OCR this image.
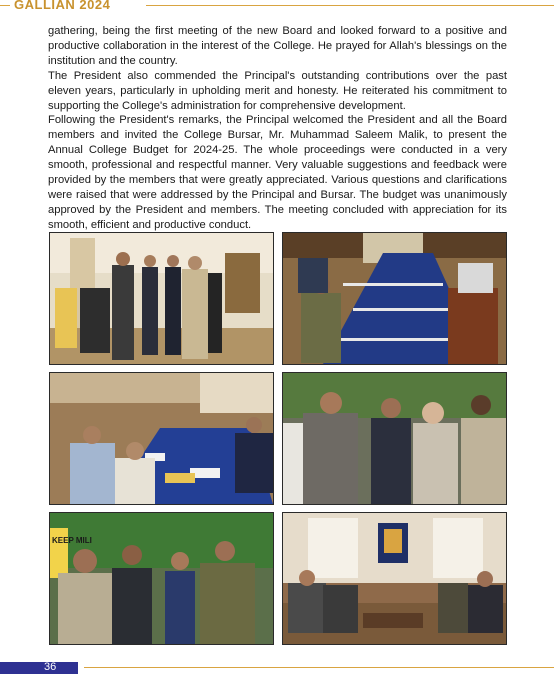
GALLIAN 2024

gathering, being the first meeting of the new Board and looked forward to a positive and productive collaboration in the interest of the College. He prayed for Allah's blessings on the institution and the country.

The President also commended the Principal's outstanding contributions over the past eleven years, particularly in upholding merit and honesty. He reiterated his commitment to supporting the College's administration for comprehensive development.

Following the President's remarks, the Principal welcomed the President and all the Board members and invited the College Bursar, Mr. Muhammad Saleem Malik, to present the Annual College Budget for 2024-25. The whole proceedings were conducted in a very smooth, professional and respectful manner. Very valuable suggestions and feedback were provided by the members that were greatly appreciated. Various questions and clarifications were raised that were addressed by the Principal and Bursar. The budget was unanimously approved by the President and members. The meeting concluded with appreciation for its smooth, efficient and productive conduct.

KEEP MILI
36
